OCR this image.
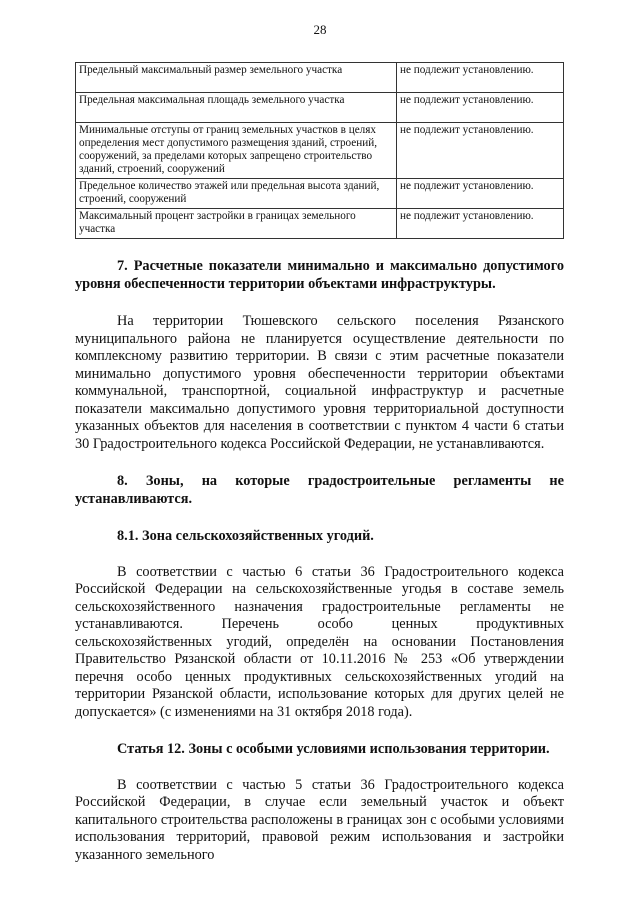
28
Предельный максимальный размер земельного участка	не подлежит установлению.
Предельная максимальная площадь земельного участка	не подлежит установлению.
Минимальные отступы от границ земельных участков в целях определения мест допустимого размещения зданий, строений, сооружений, за пределами которых запрещено строительство зданий, строений, сооружений	не подлежит установлению.
Предельное количество этажей или предельная высота зданий, строений, сооружений	не подлежит установлению.
Максимальный процент застройки в границах земельного участка	не подлежит установлению.
7. Расчетные показатели минимально и максимально допустимого уровня обеспеченности территории объектами инфраструктуры.

На территории Тюшевского сельского поселения Рязанского муниципального района не планируется осуществление деятельности по комплексному развитию территории. В связи с этим расчетные показатели минимально допустимого уровня обеспеченности территории объектами коммунальной, транспортной, социальной инфраструктур и расчетные показатели максимально допустимого уровня территориальной доступности указанных объектов для населения в соответствии с пунктом 4 части 6 статьи 30 Градостроительного кодекса Российской Федерации, не устанавливаются.

8. Зоны, на которые градостроительные регламенты не устанавливаются.
8.1. Зона сельскохозяйственных угодий.

В соответствии с частью 6 статьи 36 Градостроительного кодекса Российской Федерации на сельскохозяйственные угодья в составе земель сельскохозяйственного назначения градостроительные регламенты не устанавливаются. Перечень особо ценных продуктивных сельскохозяйственных угодий, определён на основании Постановления Правительство Рязанской области от 10.11.2016 № 253 «Об утверждении перечня особо ценных продуктивных сельскохозяйственных угодий на территории Рязанской области, использование которых для других целей не допускается» (с изменениями на 31 октября 2018 года).

Статья 12. Зоны с особыми условиями использования территории.

В соответствии с частью 5 статьи 36 Градостроительного кодекса Российской Федерации, в случае если земельный участок и объект капитального строительства расположены в границах зон с особыми условиями использования территорий, правовой режим использования и застройки указанного земельного
